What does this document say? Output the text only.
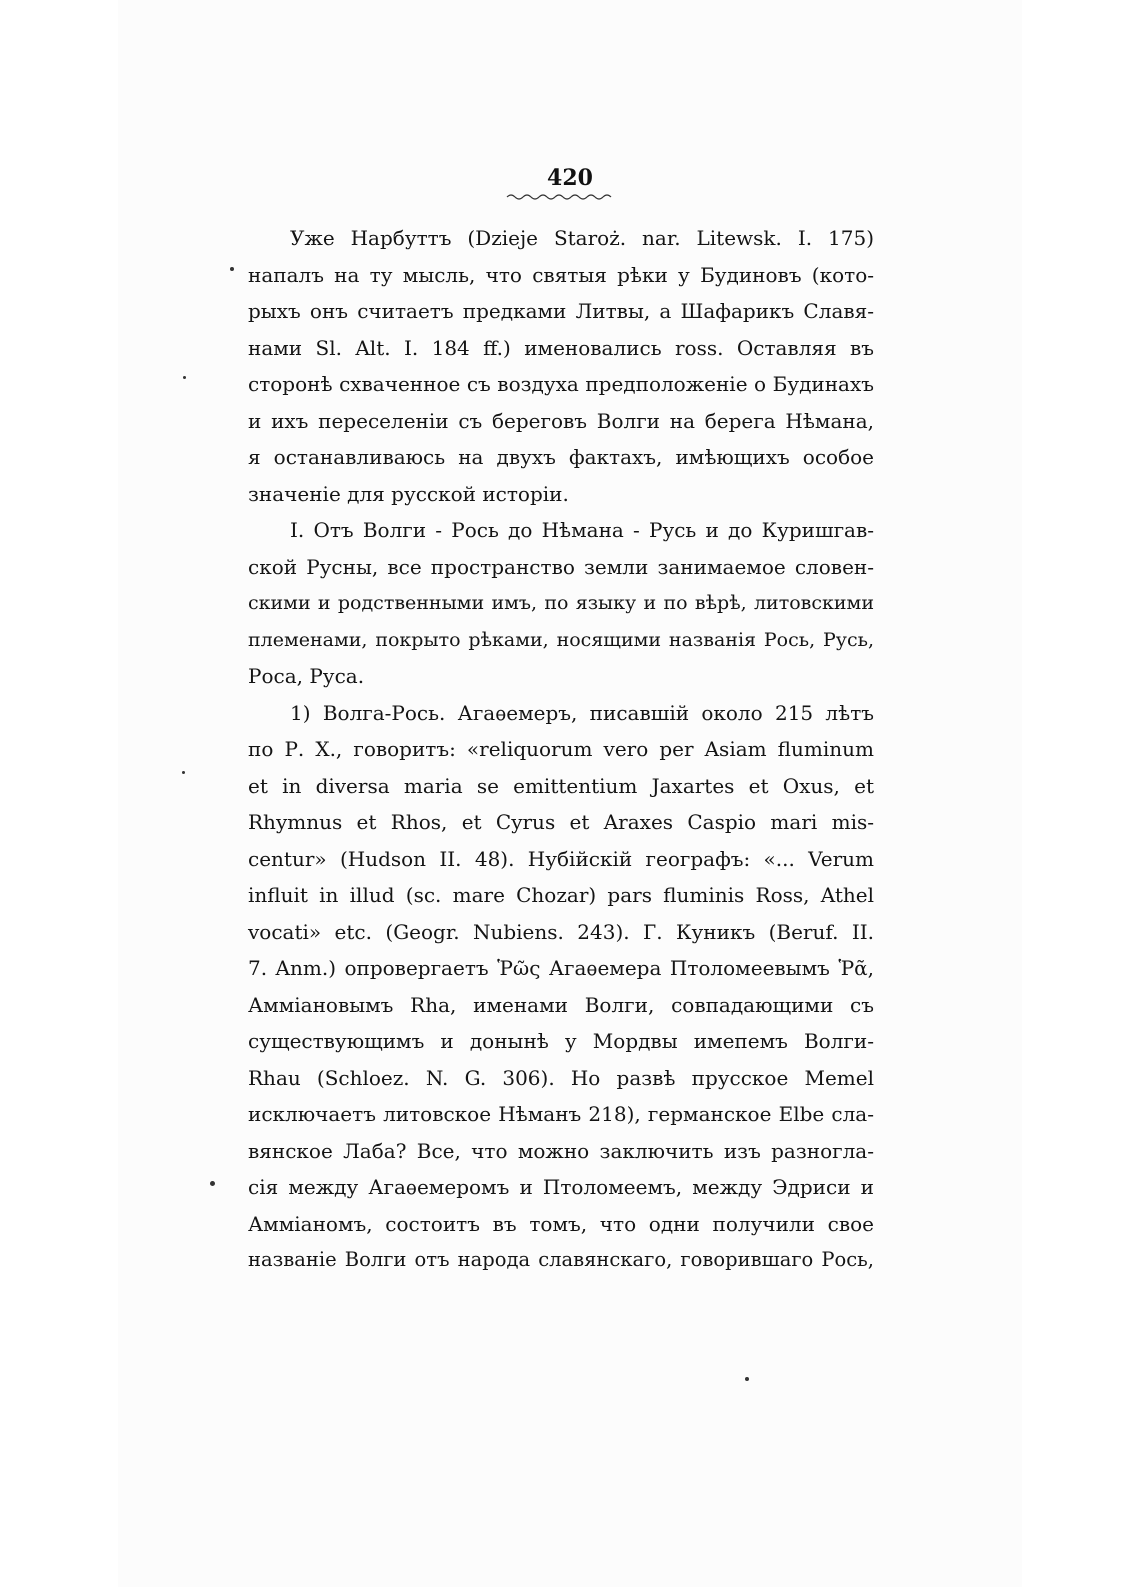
420
Уже Нарбуттъ (Dzieje Staroż. nar. Litewsk. I. 175)
напалъ на ту мысль, что святыя рѣки у Будиновъ (кото-
рыхъ онъ считаетъ предками Литвы, а Шафарикъ Славя-
нами Sl. Alt. I. 184 ff.) именовались ross. Оставляя въ
сторонѣ схваченное съ воздуха предположеніе о Будинахъ
и ихъ переселеніи съ береговъ Волги на берега Нѣмана,
я останавливаюсь на двухъ фактахъ, имѣющихъ особое
значеніе для русской исторіи.
I. Отъ Волги - Рось до Нѣмана - Русь и до Куришгав-
ской Русны, все пространство земли занимаемое словен-
скими и родственными имъ, по языку и по вѣрѣ, литовскими
племенами, покрыто рѣками, носящими названія Рось, Русь,
Роса, Руса.
1) Волга-Рось. Агаѳемеръ, писавшій около 215 лѣтъ
по Р. X., говоритъ: «reliquorum vero per Asiam fluminum
et in diversa maria se emittentium Jaxartes et Oxus, et
Rhymnus et Rhos, et Cyrus et Araxes Caspio mari mis-
centur» (Hudson II. 48). Нубійскій географъ: «... Verum
influit in illud (sc. mare Chozar) pars fluminis Ross, Athel
vocati» etc. (Geogr. Nubiens. 243). Г. Куникъ (Beruf. II.
7. Anm.) опровергаетъ Ῥῶς Агаѳемера Птоломеевымъ Ῥᾶ,
Амміановымъ Rha, именами Волги, совпадающими съ
существующимъ и донынѣ у Мордвы имепемъ Волги-
Rhau (Schloez. N. G. 306). Но развѣ прусское Memel
исключаетъ литовское Нѣманъ 218), германское Elbe сла-
вянское Лаба? Все, что можно заключить изъ разногла-
сія между Агаѳемеромъ и Птоломеемъ, между Эдриси и
Амміаномъ, состоитъ въ томъ, что одни получили свое
названіе Волги отъ народа славянскаго, говорившаго Рось,
